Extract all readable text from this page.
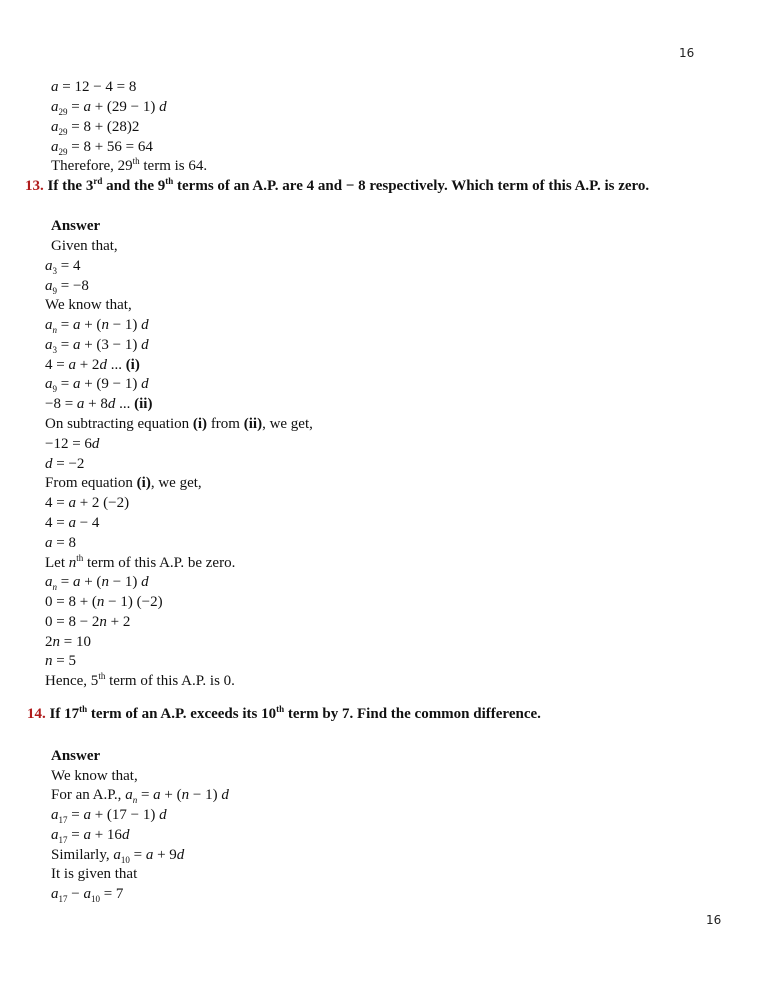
16
a = 12 − 4 = 8
$a_{29} = a + (29 - 1)$ d
$a_{29} = 8 + (28)2$
$a_{29} = 8 + 56 = 64$
Therefore, 29th term is 64.
13. If the 3rd and the 9th terms of an A.P. are 4 and − 8 respectively. Which term of this A.P. is zero.
Answer
Given that,
$a_3 = 4$
$a_9 = -8$
We know that,
$a_n = a + (n - 1)$ d
$a_3 = a + (3 - 1)$ d
4 = a + 2d ... (i)
$a_9 = a + (9 - 1)$ d
−8 = a + 8d ... (ii)
On subtracting equation (i) from (ii), we get,
−12 = 6d
d = −2
From equation (i), we get,
4 = a + 2 (−2)
4 = a − 4
a = 8
Let $n^{th}$ term of this A.P. be zero.
$a_n = a + (n - 1)$ d
0 = 8 + (n − 1) (−2)
0 = 8 − 2n + 2
2n = 10
n = 5
Hence, 5th term of this A.P. is 0.
14. If 17th term of an A.P. exceeds its 10th term by 7. Find the common difference.
Answer
We know that,
For an A.P., $a_n = a + (n - 1)$ d
$a_{17} = a + (17 - 1)$ d
$a_{17} = a + 16d$
Similarly, $a_{10} = a + 9d$
It is given that
$a_{17} - a_{10} = 7$
16
